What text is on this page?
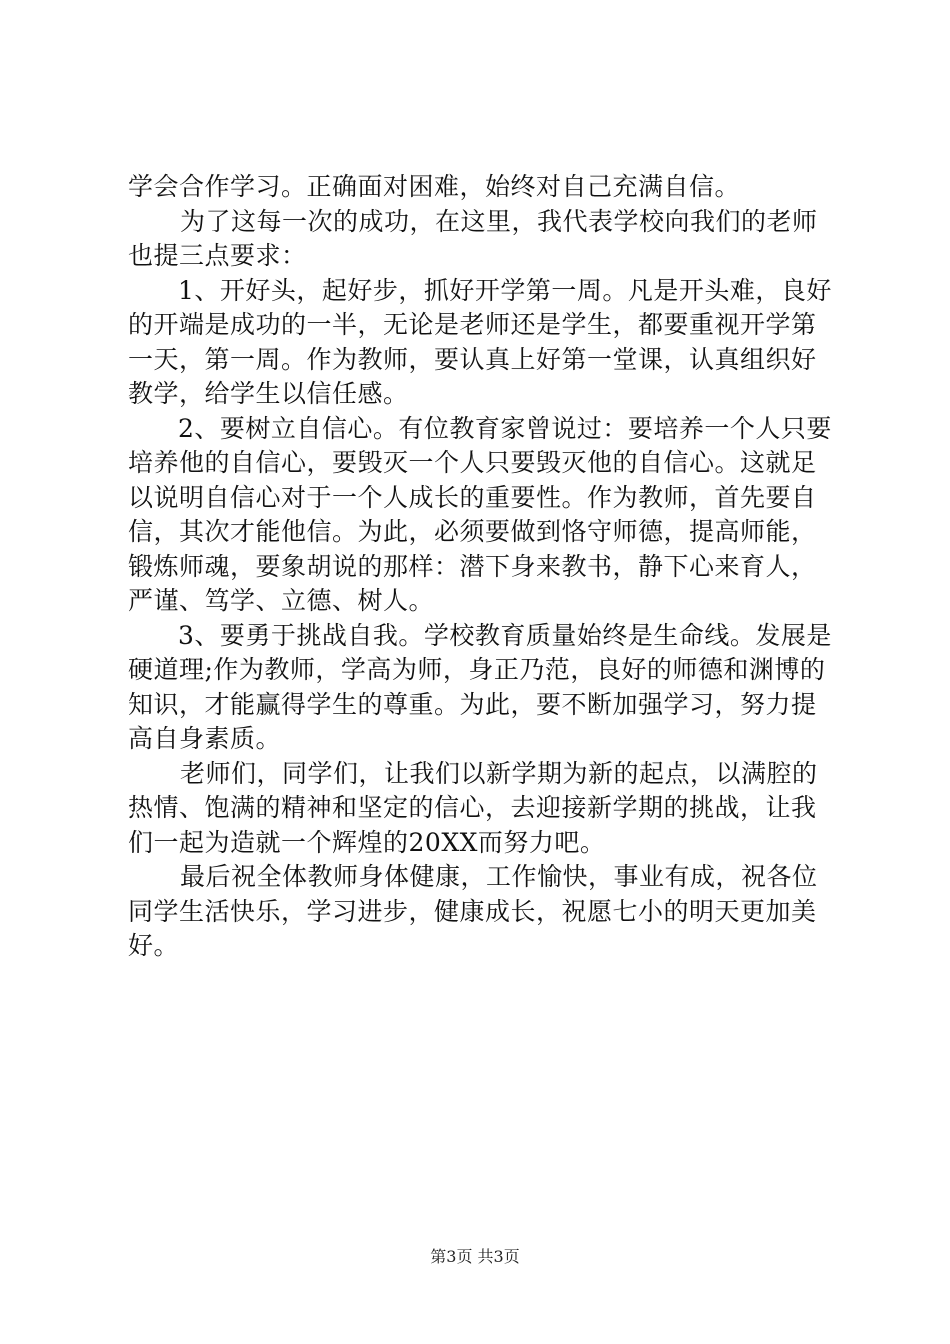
学会合作学习。正确面对困难，始终对自己充满自信。
为了这每一次的成功，在这里，我代表学校向我们的老师
也提三点要求：
1、开好头，起好步，抓好开学第一周。凡是开头难，良好
的开端是成功的一半，无论是老师还是学生，都要重视开学第
一天，第一周。作为教师，要认真上好第一堂课，认真组织好
教学，给学生以信任感。
2、要树立自信心。有位教育家曾说过：要培养一个人只要
培养他的自信心，要毁灭一个人只要毁灭他的自信心。这就足
以说明自信心对于一个人成长的重要性。作为教师，首先要自
信，其次才能他信。为此，必须要做到恪守师德，提高师能，
锻炼师魂，要象胡说的那样：潜下身来教书，静下心来育人，
严谨、笃学、立德、树人。
3、要勇于挑战自我。学校教育质量始终是生命线。发展是
硬道理;作为教师，学高为师，身正乃范，良好的师德和渊博的
知识，才能赢得学生的尊重。为此，要不断加强学习，努力提
高自身素质。
老师们，同学们，让我们以新学期为新的起点，以满腔的
热情、饱满的精神和坚定的信心，去迎接新学期的挑战，让我
们一起为造就一个辉煌的20XX而努力吧。
最后祝全体教师身体健康，工作愉快，事业有成，祝各位
同学生活快乐，学习进步，健康成长，祝愿七小的明天更加美
好。
第3页 共3页
